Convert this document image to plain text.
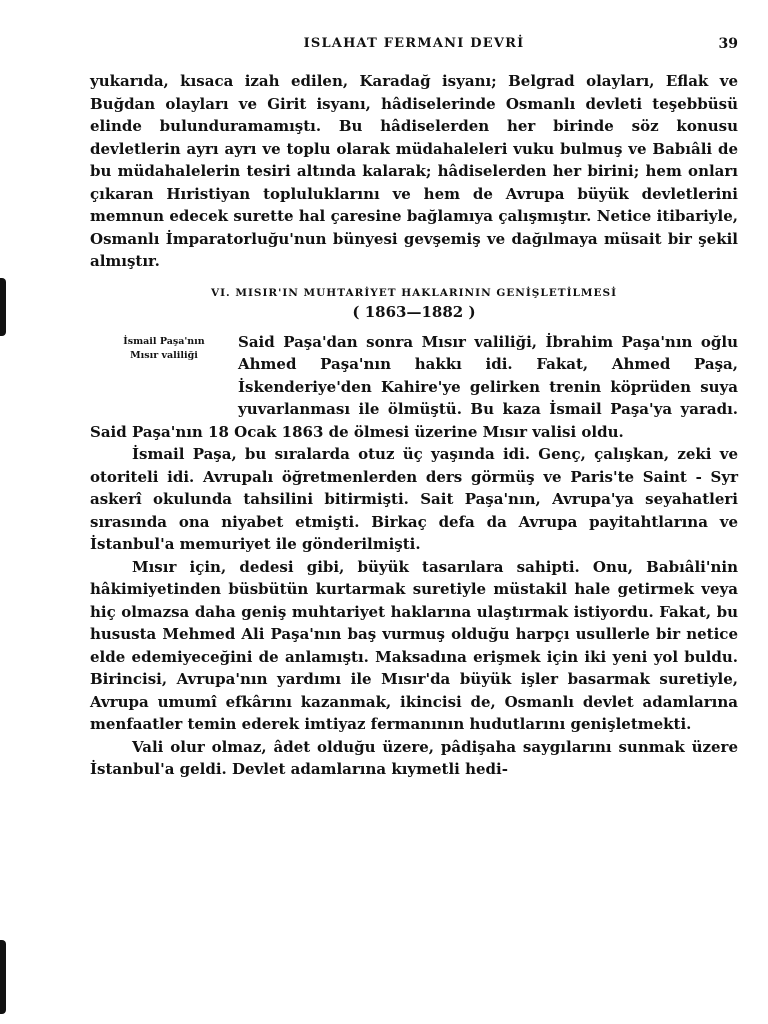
ISLAHAT FERMANI DEVRİ	39

yukarıda, kısaca izah edilen, Karadağ isyanı; Belgrad olayları, Eflak ve Buğdan olayları ve Girit isyanı, hâdiselerinde Osmanlı devleti teşebbüsü elinde bulunduramamıştı. Bu hâdiselerden her birinde söz konusu devletlerin ayrı ayrı ve toplu olarak müdahaleleri vuku bulmuş ve Babıâli de bu müdahalelerin tesiri altında kalarak; hâdiselerden her birini; hem onları çıkaran Hıristiyan topluluklarını ve hem de Avrupa büyük devletlerini memnun edecek surette hal çaresine bağlamıya çalışmıştır. Netice itibariyle, Osmanlı İmparatorluğu'nun bünyesi gevşemiş ve dağılmaya müsait bir şekil almıştır.

VI. MISIR'IN MUHTARİYET HAKLARININ GENİŞLETİLMESİ
( 1863—1882 )
İsmail Paşa'nın
Mısır valiliği

Said Paşa'dan sonra Mısır valiliği, İbrahim Paşa'nın oğlu Ahmed Paşa'nın hakkı idi. Fakat, Ahmed Paşa, İskenderiye'den Kahire'ye gelirken trenin köprüden suya yuvarlanması ile ölmüştü. Bu kaza İsmail Paşa'ya yaradı. Said Paşa'nın 18 Ocak 1863 de ölmesi üzerine Mısır valisi oldu.

İsmail Paşa, bu sıralarda otuz üç yaşında idi. Genç, çalışkan, zeki ve otoriteli idi. Avrupalı öğretmenlerden ders görmüş ve Paris'te Saint - Syr askerî okulunda tahsilini bitirmişti. Sait Paşa'nın, Avrupa'ya seyahatleri sırasında ona niyabet etmişti. Birkaç defa da Avrupa payitahtlarına ve İstanbul'a memuriyet ile gönderilmişti.

Mısır için, dedesi gibi, büyük tasarılara sahipti. Onu, Babıâli'nin hâkimiyetinden büsbütün kurtarmak suretiyle müstakil hale getirmek veya hiç olmazsa daha geniş muhtariyet haklarına ulaştırmak istiyordu. Fakat, bu hususta Mehmed Ali Paşa'nın baş vurmuş olduğu harpçı usullerle bir netice elde edemiyeceğini de anlamıştı. Maksadına erişmek için iki yeni yol buldu. Birincisi, Avrupa'nın yardımı ile Mısır'da büyük işler basarmak suretiyle, Avrupa umumî efkârını kazanmak, ikincisi de, Osmanlı devlet adamlarına menfaatler temin ederek imtiyaz fermanının hudutlarını genişletmekti.

Vali olur olmaz, âdet olduğu üzere, pâdişaha saygılarını sunmak üzere İstanbul'a geldi. Devlet adamlarına kıymetli hedi-
